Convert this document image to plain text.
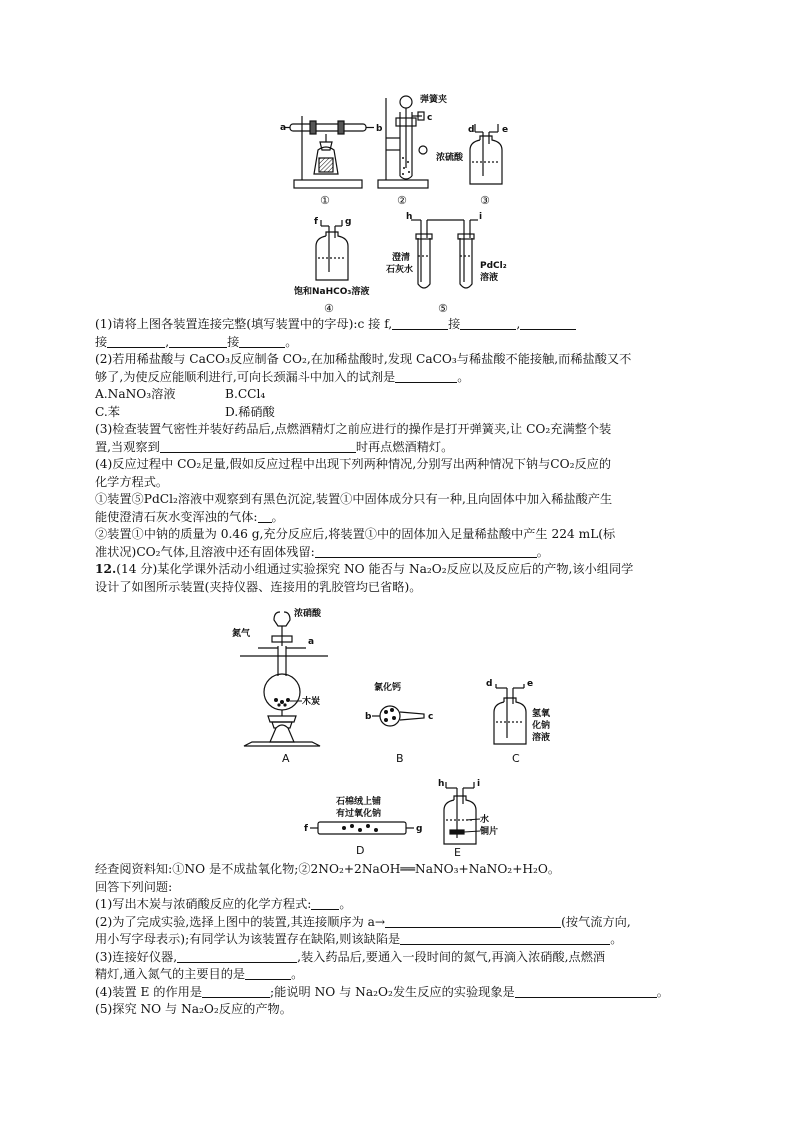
a	b
①
弹簧夹
c
②
d	e
浓硫酸
③
f	g
饱和NaHCO₃溶液
④
h	i
澄清
石灰水	PdCl₂
溶液
⑤
(1)请将上图各装置连接完整(填写装置中的字母):c 接 f,	接	,
接	,	接	。
(2)若用稀盐酸与 CaCO₃反应制备 CO₂,在加稀盐酸时,发现 CaCO₃与稀盐酸不能接触,而稀盐酸又不
够了,为使反应能顺利进行,可向长颈漏斗中加入的试剂是	。
A.NaNO₃溶液	B.CCl₄
C.苯	D.稀硝酸
(3)检查装置气密性并装好药品后,点燃酒精灯之前应进行的操作是打开弹簧夹,让 CO₂充满整个装
置,当观察到	时再点燃酒精灯。
(4)反应过程中 CO₂足量,假如反应过程中出现下列两种情况,分别写出两种情况下钠与CO₂反应的
化学方程式。
①装置⑤PdCl₂溶液中观察到有黑色沉淀,装置①中固体成分只有一种,且向固体中加入稀盐酸产生
能使澄清石灰水变浑浊的气体: 。
②装置①中钠的质量为 0.46 g,充分反应后,将装置①中的固体加入足量稀盐酸中产生 224 mL(标
准状况)CO₂气体,且溶液中还有固体残留:	。
12.(14 分)某化学课外活动小组通过实验探究 NO 能否与 Na₂O₂反应以及反应后的产物,该小组同学
设计了如图所示装置(夹持仪器、连接用的乳胶管均已省略)。
浓硝酸
氮气
a
木炭
A
氯化钙
b	c
B
d	e
氢氧
化钠
溶液
C
石棉绒上铺
有过氧化钠
f	g
D
h	i
水
铜片
E
经查阅资料知:①NO 是不成盐氧化物;②2NO₂+2NaOH══NaNO₃+NaNO₂+H₂O。
回答下列问题:
(1)写出木炭与浓硝酸反应的化学方程式: 。
(2)为了完成实验,选择上图中的装置,其连接顺序为 a→	(按气流方向,
用小写字母表示);有同学认为该装置存在缺陷,则该缺陷是	。
(3)连接好仪器,	,装入药品后,要通入一段时间的氮气,再滴入浓硝酸,点燃酒
精灯,通入氮气的主要目的是	。
(4)装置 E 的作用是	;能说明 NO 与 Na₂O₂发生反应的实验现象是	。
(5)探究 NO 与 Na₂O₂反应的产物。
